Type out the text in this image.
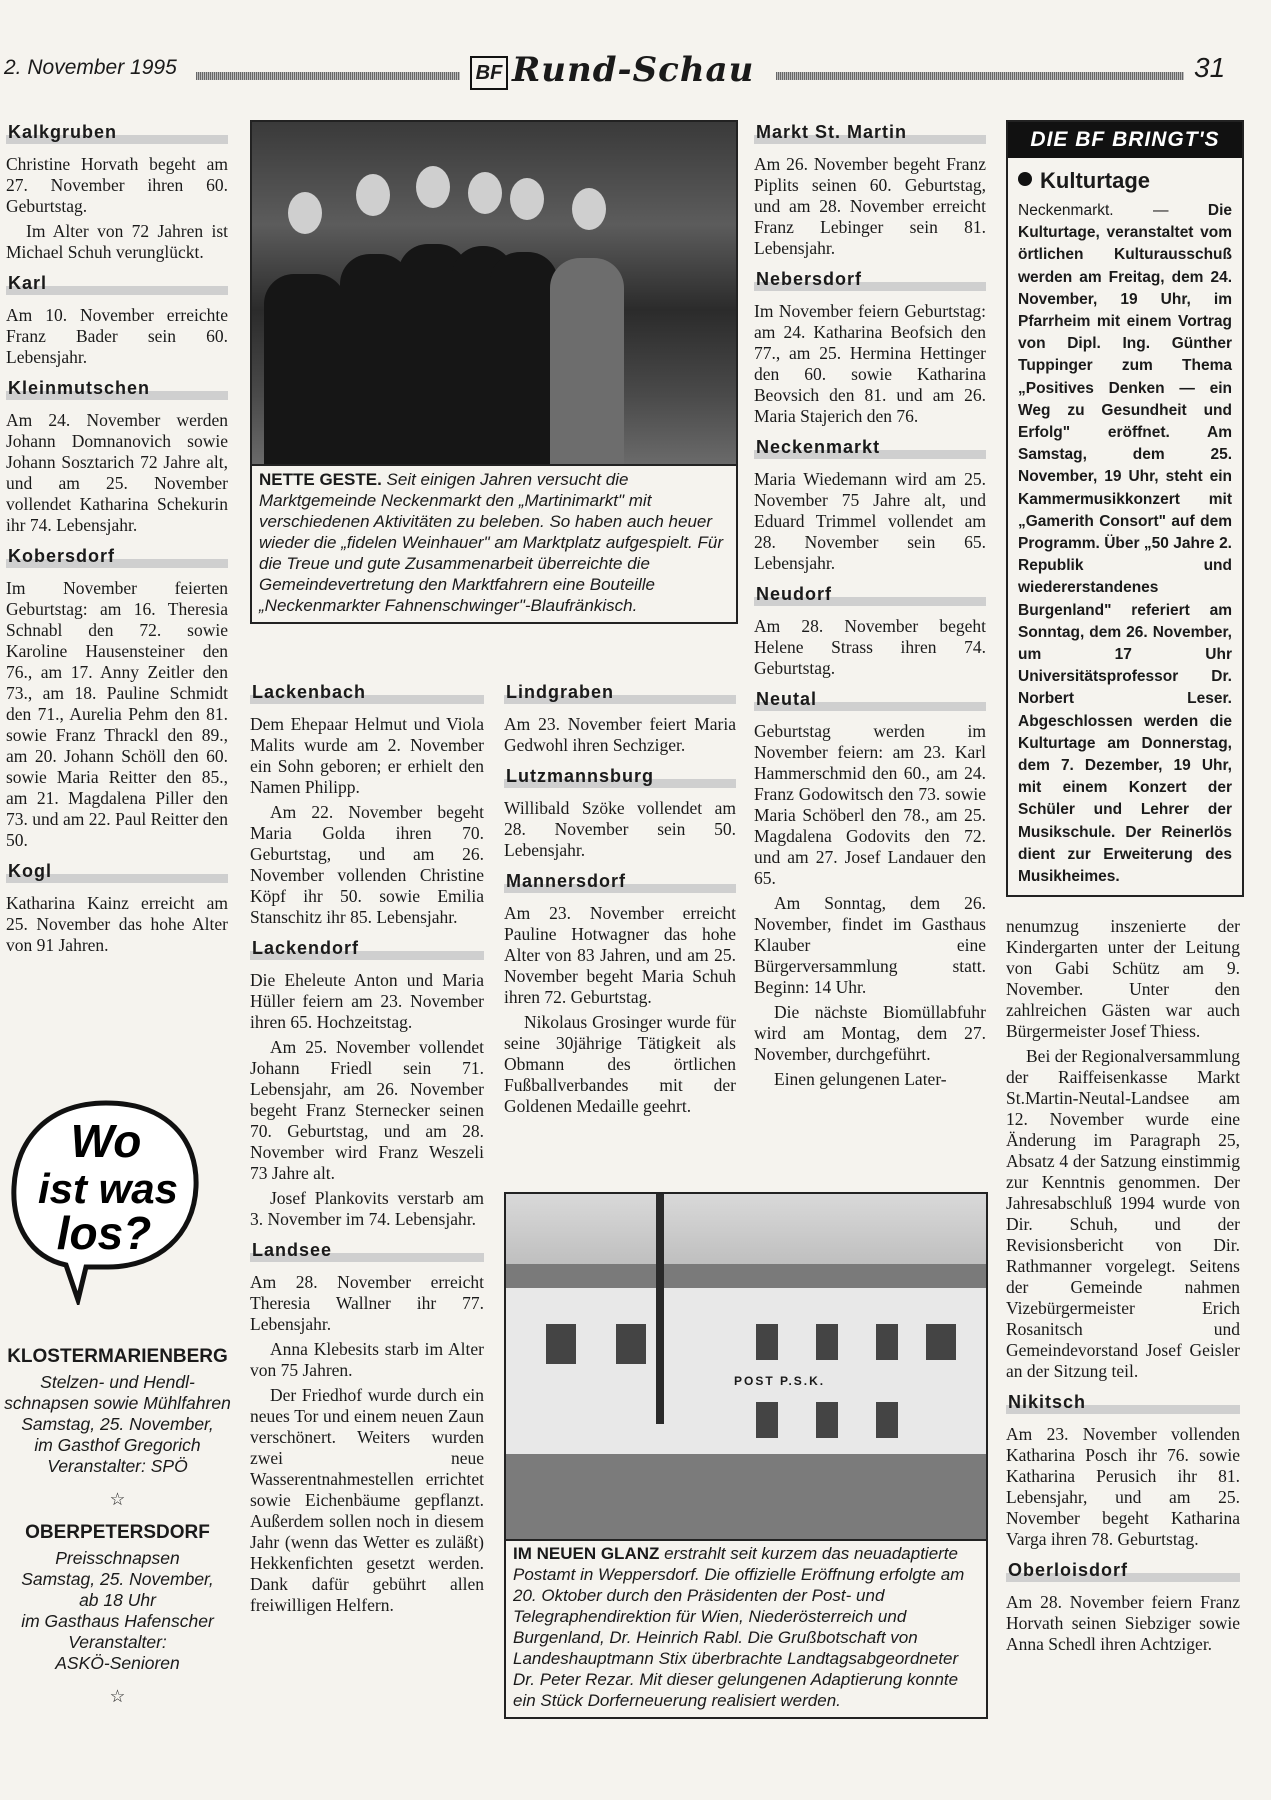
2. November 1995	BF Rund-Schau	31
Kalkgruben

Christine Horvath begeht am 27. November ihren 60. Geburtstag.

Im Alter von 72 Jahren ist Michael Schuh verunglückt.

Karl

Am 10. November erreichte Franz Bader sein 60. Lebensjahr.

Kleinmutschen

Am 24. November werden Johann Domnanovich sowie Johann Sosztarich 72 Jahre alt, und am 25. November vollendet Katharina Schekurin ihr 74. Lebensjahr.

Kobersdorf

Im November feierten Geburtstag: am 16. Theresia Schnabl den 72. sowie Karoline Hausensteiner den 76., am 17. Anny Zeitler den 73., am 18. Pauline Schmidt den 71., Aurelia Pehm den 81. sowie Franz Thrackl den 89., am 20. Johann Schöll den 60. sowie Maria Reitter den 85., am 21. Magdalena Piller den 73. und am 22. Paul Reitter den 50.

Kogl

Katharina Kainz erreicht am 25. November das hohe Alter von 91 Jahren.

Wo
ist was
los?
KLOSTERMARIENBERG
Stelzen- und Hendl-
schnapsen sowie Mühlfahren
Samstag, 25. November,
im Gasthof Gregorich
Veranstalter: SPÖ
☆
OBERPETERSDORF
Preisschnapsen
Samstag, 25. November,
ab 18 Uhr
im Gasthaus Hafenscher
Veranstalter:
ASKÖ-Senioren
☆
NETTE GESTE. Seit einigen Jahren versucht die Marktgemeinde Neckenmarkt den „Martinimarkt" mit verschiedenen Aktivitäten zu beleben. So haben auch heuer wieder die „fidelen Weinhauer" am Marktplatz aufgespielt. Für die Treue und gute Zusammenarbeit überreichte die Gemeindevertretung den Marktfahrern eine Bouteille „Neckenmarkter Fahnenschwinger"-Blaufränkisch.
Lackenbach

Dem Ehepaar Helmut und Viola Malits wurde am 2. November ein Sohn geboren; er erhielt den Namen Philipp.

Am 22. November begeht Maria Golda ihren 70. Geburtstag, und am 26. November vollenden Christine Köpf ihr 50. sowie Emilia Stanschitz ihr 85. Lebensjahr.

Lackendorf

Die Eheleute Anton und Maria Hüller feiern am 23. November ihren 65. Hochzeitstag.

Am 25. November vollendet Johann Friedl sein 71. Lebensjahr, am 26. November begeht Franz Sternecker seinen 70. Geburtstag, und am 28. November wird Franz Weszeli 73 Jahre alt.

Josef Plankovits verstarb am 3. November im 74. Lebensjahr.

Landsee

Am 28. November erreicht Theresia Wallner ihr 77. Lebensjahr.

Anna Klebesits starb im Alter von 75 Jahren.

Der Friedhof wurde durch ein neues Tor und einem neuen Zaun verschönert. Weiters wurden zwei neue Wasserentnahmestellen errichtet sowie Eichenbäume gepflanzt. Außerdem sollen noch in diesem Jahr (wenn das Wetter es zuläßt) Hekkenfichten gesetzt werden. Dank dafür gebührt allen freiwilligen Helfern.

Lindgraben

Am 23. November feiert Maria Gedwohl ihren Sechziger.

Lutzmannsburg

Willibald Szöke vollendet am 28. November sein 50. Lebensjahr.

Mannersdorf

Am 23. November erreicht Pauline Hotwagner das hohe Alter von 83 Jahren, und am 25. November begeht Maria Schuh ihren 72. Geburtstag.

Nikolaus Grosinger wurde für seine 30jährige Tätigkeit als Obmann des örtlichen Fußballverbandes mit der Goldenen Medaille geehrt.

Markt St. Martin

Am 26. November begeht Franz Piplits seinen 60. Geburtstag, und am 28. November erreicht Franz Lebinger sein 81. Lebensjahr.

Nebersdorf

Im November feiern Geburtstag: am 24. Katharina Beofsich den 77., am 25. Hermina Hettinger den 60. sowie Katharina Beovsich den 81. und am 26. Maria Stajerich den 76.

Neckenmarkt

Maria Wiedemann wird am 25. November 75 Jahre alt, und Eduard Trimmel vollendet am 28. November sein 65. Lebensjahr.

Neudorf

Am 28. November begeht Helene Strass ihren 74. Geburtstag.

Neutal

Geburtstag werden im November feiern: am 23. Karl Hammerschmid den 60., am 24. Franz Godowitsch den 73. sowie Maria Schöberl den 78., am 25. Magdalena Godovits den 72. und am 27. Josef Landauer den 65.

Am Sonntag, dem 26. November, findet im Gasthaus Klauber eine Bürgerversammlung statt. Beginn: 14 Uhr.

Die nächste Biomüllabfuhr wird am Montag, dem 27. November, durchgeführt.

Einen gelungenen Later-

DIE BF BRINGT'S
Kulturtage

Neckenmarkt. — Die Kulturtage, veranstaltet vom örtlichen Kulturausschuß werden am Freitag, dem 24. November, 19 Uhr, im Pfarrheim mit einem Vortrag von Dipl. Ing. Günther Tuppinger zum Thema „Positives Denken — ein Weg zu Gesundheit und Erfolg" eröffnet. Am Samstag, dem 25. November, 19 Uhr, steht ein Kammermusikkonzert mit „Gamerith Consort" auf dem Programm. Über „50 Jahre 2. Republik und wiedererstandenes Burgenland" referiert am Sonntag, dem 26. November, um 17 Uhr Universitätsprofessor Dr. Norbert Leser. Abgeschlossen werden die Kulturtage am Donnerstag, dem 7. Dezember, 19 Uhr, mit einem Konzert der Schüler und Lehrer der Musikschule. Der Reinerlös dient zur Erweiterung des Musikheimes.

nenumzug inszenierte der Kindergarten unter der Leitung von Gabi Schütz am 9. November. Unter den zahlreichen Gästen war auch Bürgermeister Josef Thiess.

Bei der Regionalversammlung der Raiffeisenkasse Markt St.Martin-Neutal-Landsee am 12. November wurde eine Änderung im Paragraph 25, Absatz 4 der Satzung einstimmig zur Kenntnis genommen. Der Jahresabschluß 1994 wurde von Dir. Schuh, und der Revisionsbericht von Dir. Rathmanner vorgelegt. Seitens der Gemeinde nahmen Vizebürgermeister Erich Rosanitsch und Gemeindevorstand Josef Geisler an der Sitzung teil.

Nikitsch

Am 23. November vollenden Katharina Posch ihr 76. sowie Katharina Perusich ihr 81. Lebensjahr, und am 25. November begeht Katharina Varga ihren 78. Geburtstag.

Oberloisdorf

Am 28. November feiern Franz Horvath seinen Siebziger sowie Anna Schedl ihren Achtziger.

POST P.S.K.
IM NEUEN GLANZ erstrahlt seit kurzem das neuadaptierte Postamt in Weppersdorf. Die offizielle Eröffnung erfolgte am 20. Oktober durch den Präsidenten der Post- und Telegraphendirektion für Wien, Niederösterreich und Burgenland, Dr. Heinrich Rabl. Die Grußbotschaft von Landeshauptmann Stix überbrachte Landtagsabgeordneter Dr. Peter Rezar. Mit dieser gelungenen Adaptierung konnte ein Stück Dorferneuerung realisiert werden.
